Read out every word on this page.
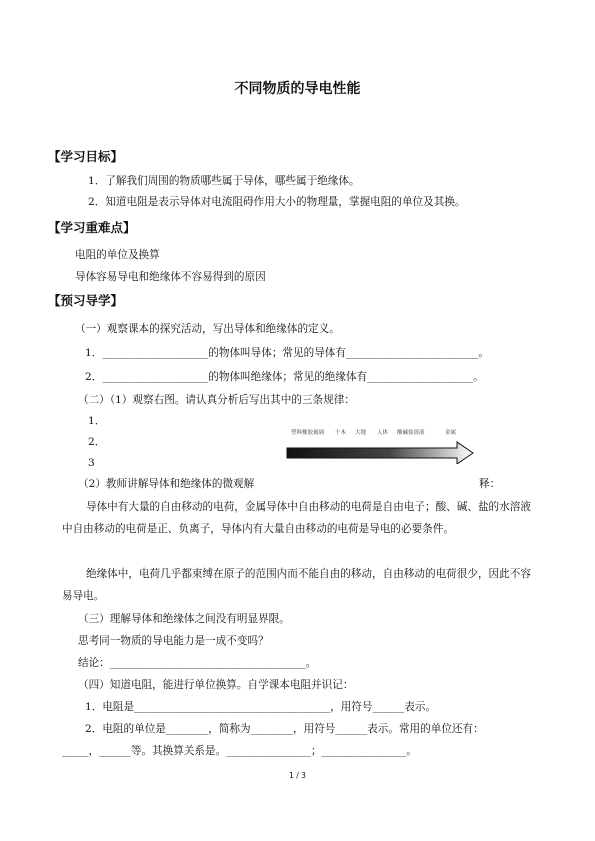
不同物质的导电性能
【学习目标】
1．了解我们周围的物质哪些属于导体，哪些属于绝缘体。
2．知道电阻是表示导体对电流阻碍作用大小的物理量，掌握电阻的单位及其换。
【学习重难点】
电阻的单位及换算
导体容易导电和绝缘体不容易得到的原因
【预习导学】
（一）观察课本的探究活动，写出导体和绝缘体的定义。
1．____________________的物体叫导体；常见的导体有_________________________。
2．____________________的物体叫绝缘体；常见的绝缘体有____________________。
（二）（1）观察右图。请认真分析后写出其中的三条规律：
1．
2．
3
塑料橡胶玻璃 干木 大地 人体 酸碱盐溶液	金属
（2）教师讲解导体和绝缘体的微观解	释：
导体中有大量的自由移动的电荷，金属导体中自由移动的电荷是自由电子；酸、碱、盐的水溶液中自由移动的电荷是正、负离子，导体内有大量自由移动的电荷是导电的必要条件。
绝缘体中，电荷几乎都束缚在原子的范围内而不能自由的移动，自由移动的电荷很少，因此不容易导电。
（三）理解导体和绝缘体之间没有明显界限。
思考同一物质的导电能力是一成不变吗？
结论：_____________________________________。
（四）知道电阻，能进行单位换算。自学课本电阻并识记：
1．电阻是_____________________________________，用符号______表示。
2．电阻的单位是________，简称为________，用符号______表示。常用的单位还有：
_____，______等。其换算关系是。________________；________________。
1 / 3
